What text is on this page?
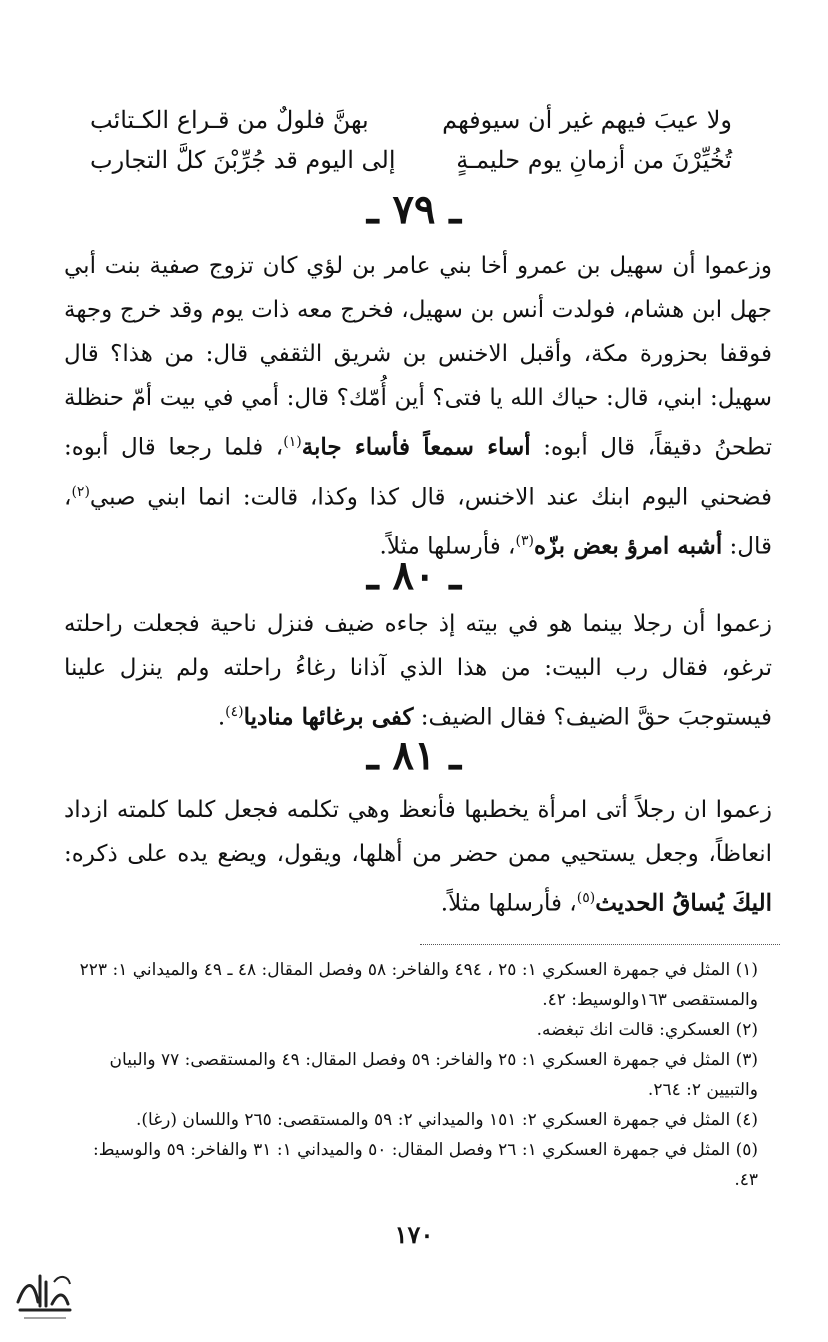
ولا عيبَ فيهم غير أن سيوفهم
بهنَّ فلولٌ من قـراع الكـتائب
تُخُيِّرْنَ من أزمانِ يوم حليمـةٍ
إلى اليوم قد جُرِّبْنَ كلَّ التجارب
ـ ٧٩ ـ
وزعموا أن سهيل بن عمرو أخا بني عامر بن لؤي كان تزوج صفية بنت أبي جهل ابن هشام، فولدت أنس بن سهيل، فخرج معه ذات يوم وقد خرج وجهة فوقفا بحزورة مكة، وأقبل الاخنس بن شريق الثقفي قال: من هذا؟ قال سهيل: ابني، قال: حياك الله يا فتى؟ أين أُمّك؟ قال: أمي في بيت أمّ حنظلة تطحنُ دقيقاً، قال أبوه: أساء سمعاً فأساء جابة$^{(١)}$، فلما رجعا قال أبوه: فضحني اليوم ابنك عند الاخنس، قال كذا وكذا، قالت: انما ابني صبي$^{(٢)}$، قال: أشبه امرؤ بعض بزّه$^{(٣)}$، فأرسلها مثلاً.
ـ ٨٠ ـ
زعموا أن رجلا بينما هو في بيته إذ جاءه ضيف فنزل ناحية فجعلت راحلته ترغو، فقال رب البيت: من هذا الذي آذانا رغاءُ راحلته ولم ينزل علينا فيستوجبَ حقَّ الضيف؟ فقال الضيف: كفى برغائها مناديا$^{(٤)}$.
ـ ٨١ ـ
زعموا ان رجلاً أتى امرأة يخطبها فأنعظ وهي تكلمه فجعل كلما كلمته ازداد انعاظاً، وجعل يستحيي ممن حضر من أهلها، ويقول، ويضع يده على ذكره: اليكَ يُساقُ الحديث$^{(٥)}$، فأرسلها مثلاً.

(١) المثل في جمهرة العسكري ١: ٢٥ ، ٤٩٤ والفاخر: ٥٨ وفصل المقال: ٤٨ ـ ٤٩ والميداني ١: ٢٢٣ والمستقصى ١٦٣والوسيط: ٤٢.

(٢) العسكري: قالت انك تبغضه.

(٣) المثل في جمهرة العسكري ١: ٢٥ والفاخر: ٥٩ وفصل المقال: ٤٩ والمستقصى: ٧٧ والبيان والتبيين ٢: ٢٦٤.

(٤) المثل في جمهرة العسكري ٢: ١٥١ والميداني ٢: ٥٩ والمستقصى: ٢٦٥ واللسان (رغا).

(٥) المثل في جمهرة العسكري ١: ٢٦ وفصل المقال: ٥٠ والميداني ١: ٣١ والفاخر: ٥٩ والوسيط: ٤٣.

١٧٠
